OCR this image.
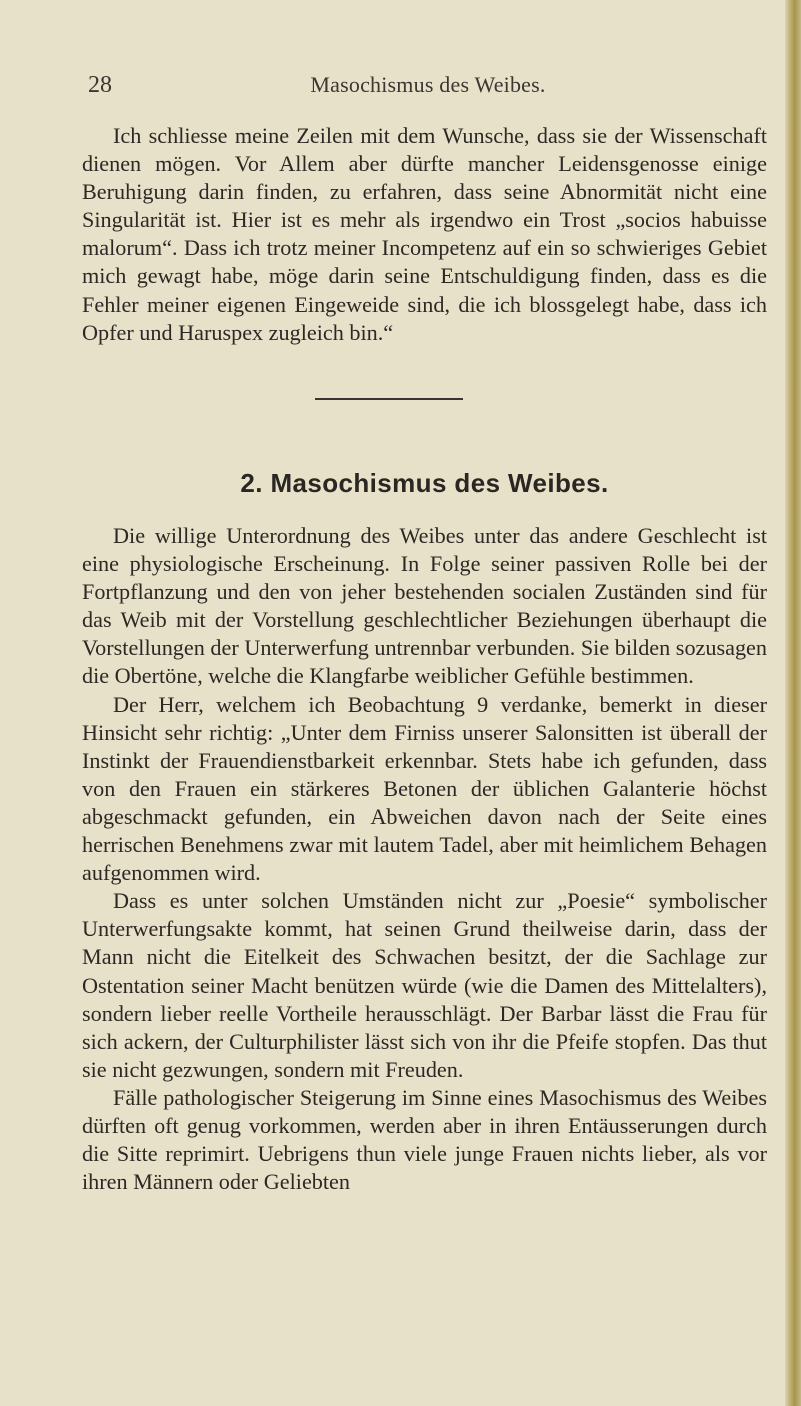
28	Masochismus des Weibes.

Ich schliesse meine Zeilen mit dem Wunsche, dass sie der Wissenschaft dienen mögen. Vor Allem aber dürfte mancher Leidensgenosse einige Beruhigung darin finden, zu erfahren, dass seine Abnormität nicht eine Singularität ist. Hier ist es mehr als irgendwo ein Trost „socios habuisse malorum“. Dass ich trotz meiner Incompetenz auf ein so schwieriges Gebiet mich gewagt habe, möge darin seine Entschuldigung finden, dass es die Fehler meiner eigenen Eingeweide sind, die ich blossgelegt habe, dass ich Opfer und Haruspex zugleich bin.“

2. Masochismus des Weibes.

Die willige Unterordnung des Weibes unter das andere Geschlecht ist eine physiologische Erscheinung. In Folge seiner passiven Rolle bei der Fortpflanzung und den von jeher bestehenden socialen Zuständen sind für das Weib mit der Vorstellung geschlechtlicher Beziehungen überhaupt die Vorstellungen der Unterwerfung untrennbar verbunden. Sie bilden sozusagen die Obertöne, welche die Klangfarbe weiblicher Gefühle bestimmen.

Der Herr, welchem ich Beobachtung 9 verdanke, bemerkt in dieser Hinsicht sehr richtig: „Unter dem Firniss unserer Salonsitten ist überall der Instinkt der Frauendienstbarkeit erkennbar. Stets habe ich gefunden, dass von den Frauen ein stärkeres Betonen der üblichen Galanterie höchst abgeschmackt gefunden, ein Abweichen davon nach der Seite eines herrischen Benehmens zwar mit lautem Tadel, aber mit heimlichem Behagen aufgenommen wird.

Dass es unter solchen Umständen nicht zur „Poesie“ symbolischer Unterwerfungsakte kommt, hat seinen Grund theilweise darin, dass der Mann nicht die Eitelkeit des Schwachen besitzt, der die Sachlage zur Ostentation seiner Macht benützen würde (wie die Damen des Mittelalters), sondern lieber reelle Vortheile herausschlägt. Der Barbar lässt die Frau für sich ackern, der Culturphilister lässt sich von ihr die Pfeife stopfen. Das thut sie nicht gezwungen, sondern mit Freuden.

Fälle pathologischer Steigerung im Sinne eines Masochismus des Weibes dürften oft genug vorkommen, werden aber in ihren Entäusserungen durch die Sitte reprimirt. Uebrigens thun viele junge Frauen nichts lieber, als vor ihren Männern oder Geliebten
